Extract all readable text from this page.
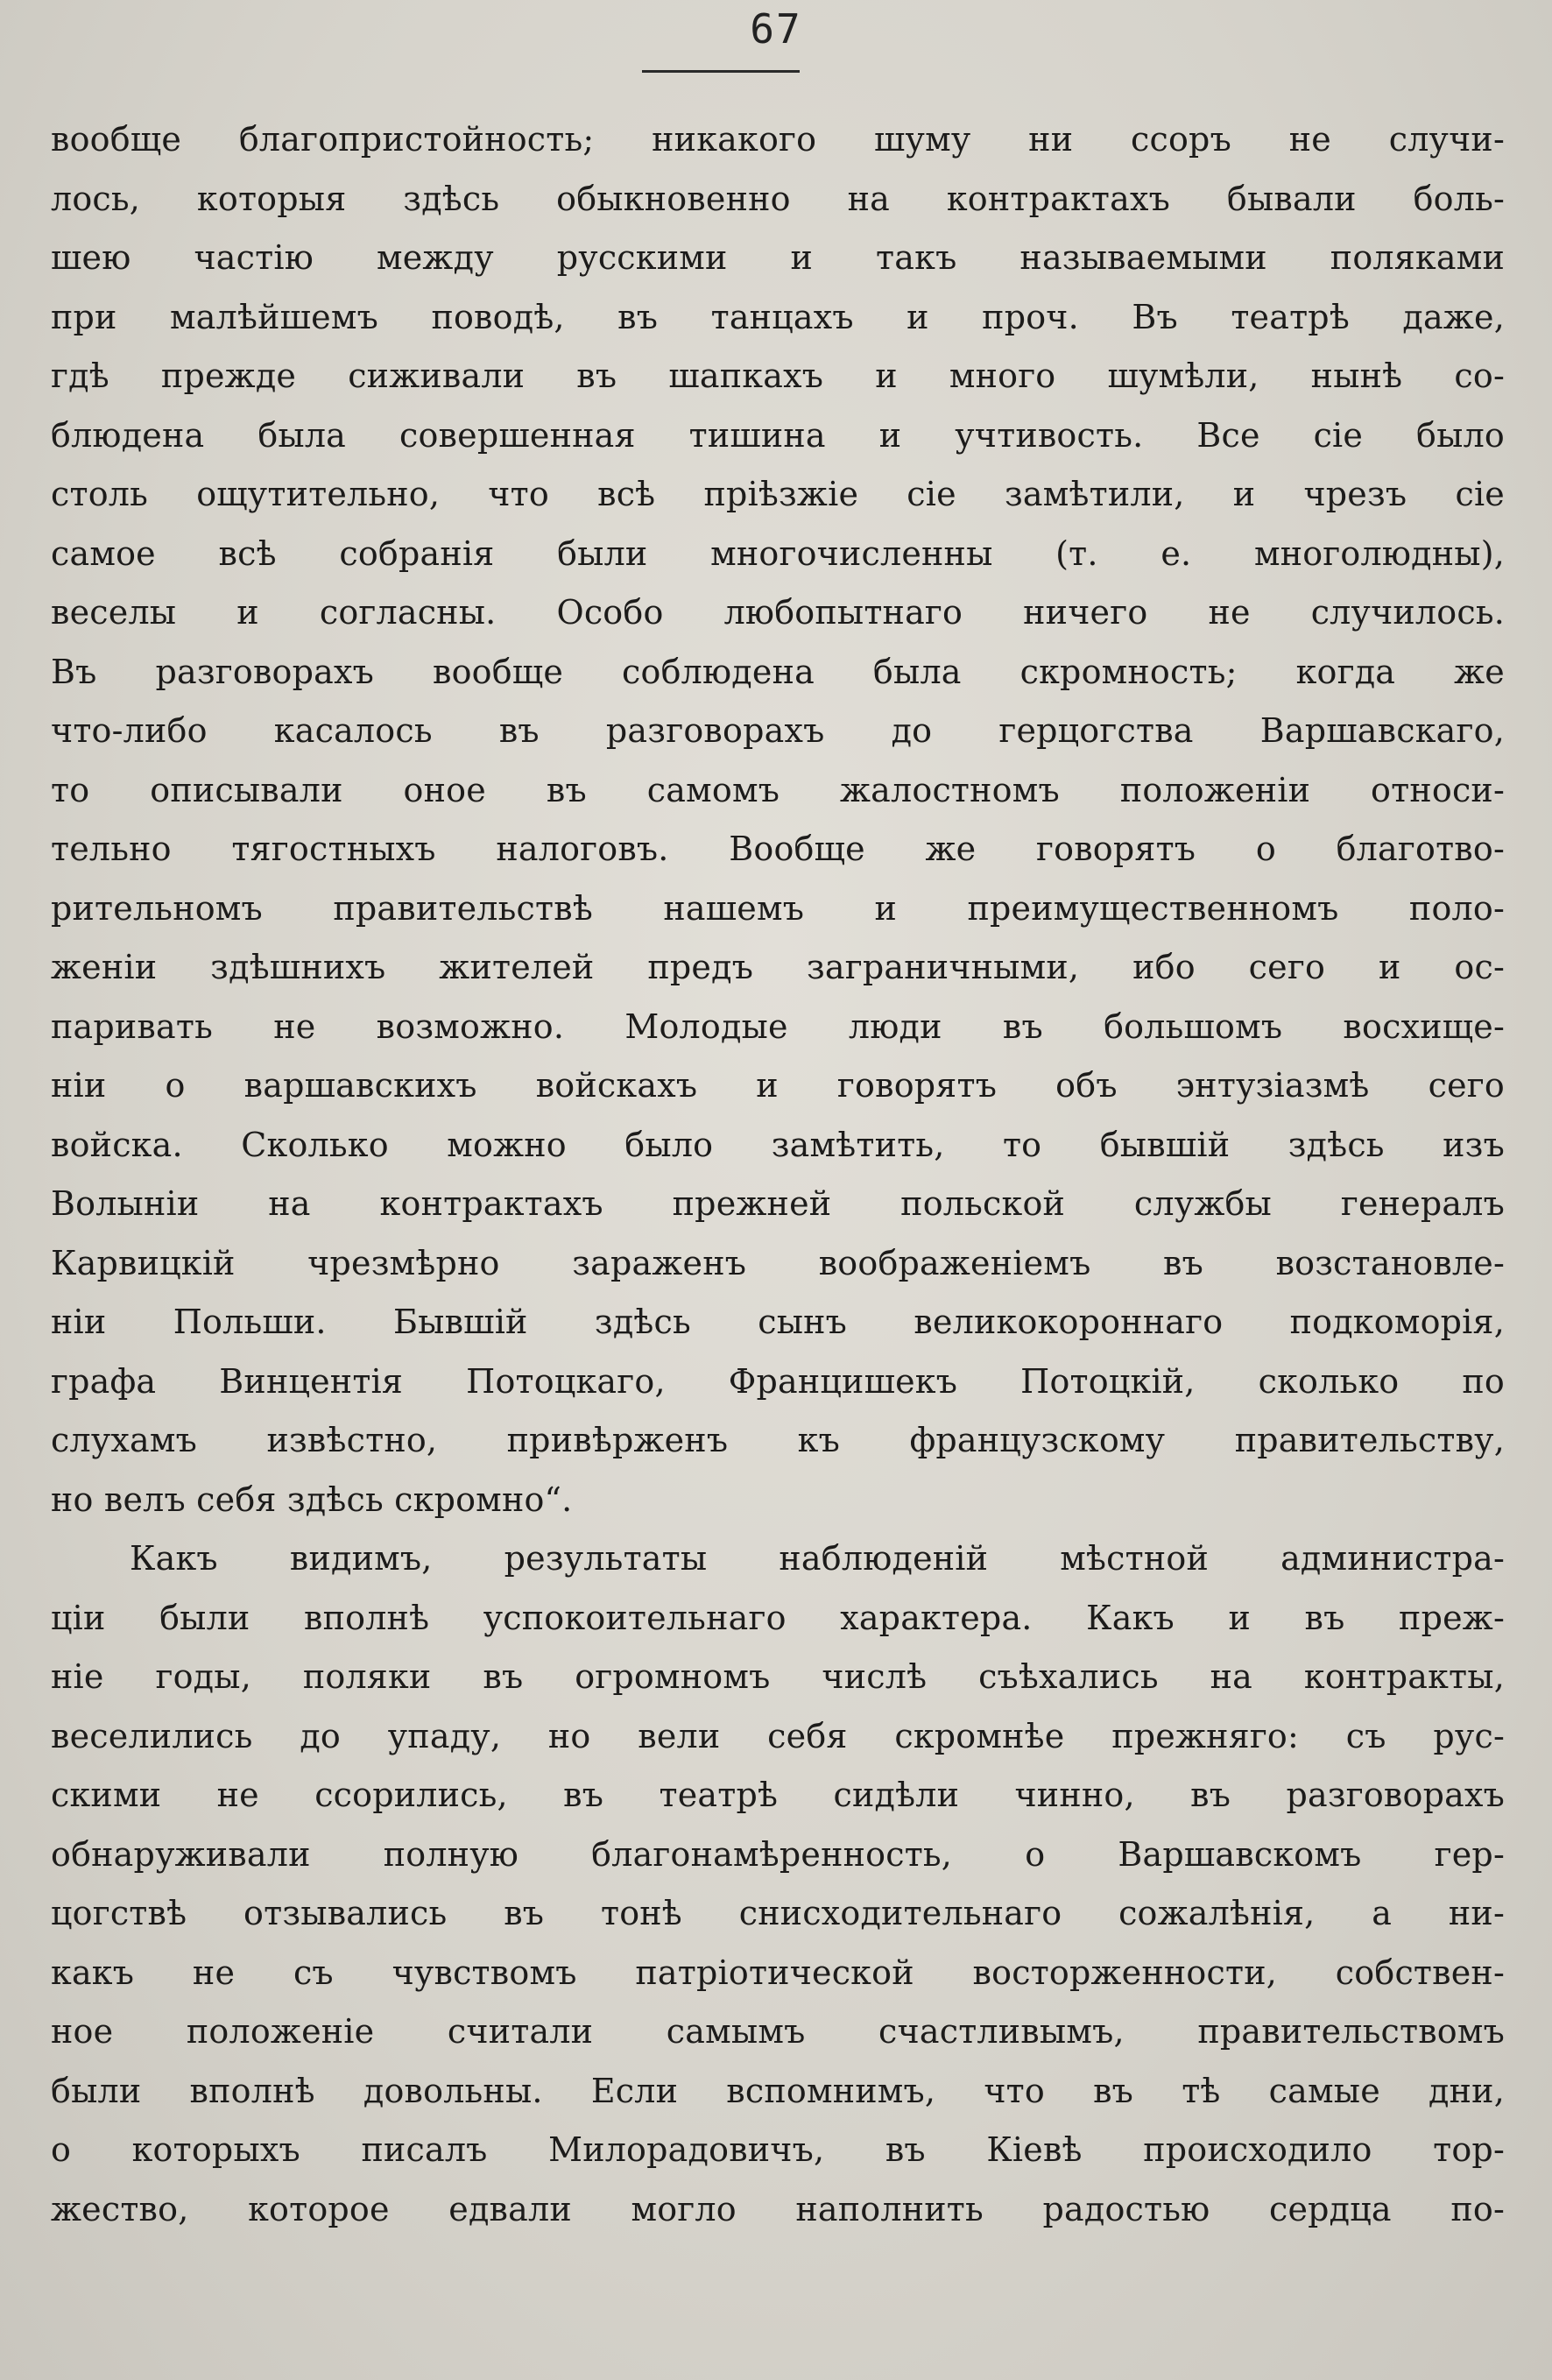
67
вообще благопристойность; никакого шуму ни ссоръ не случи-
лось, которыя здѣсь обыкновенно на контрактахъ бывали боль-
шею частію между русскими и такъ называемыми поляками
при малѣйшемъ поводѣ, въ танцахъ и проч. Въ театрѣ даже,
гдѣ прежде сиживали въ шапкахъ и много шумѣли, нынѣ со-
блюдена была совершенная тишина и учтивость. Все сіе было
столь ощутительно, что всѣ пріѣзжіе сіе замѣтили, и чрезъ сіе
самое всѣ собранія были многочисленны (т. е. многолюдны),
веселы и согласны. Особо любопытнаго ничего не случилось.
Въ разговорахъ вообще соблюдена была скромность; когда же
что-либо касалось въ разговорахъ до герцогства Варшавскаго,
то описывали оное въ самомъ жалостномъ положеніи относи-
тельно тягостныхъ налоговъ. Вообще же говорятъ о благотво-
рительномъ правительствѣ нашемъ и преимущественномъ поло-
женіи здѣшнихъ жителей предъ заграничными, ибо сего и ос-
паривать не возможно. Молодые люди въ большомъ восхище-
ніи о варшавскихъ войскахъ и говорятъ объ энтузіазмѣ сего
войска. Сколько можно было замѣтить, то бывшій здѣсь изъ
Волыніи на контрактахъ прежней польской службы генералъ
Карвицкій чрезмѣрно зараженъ воображеніемъ въ возстановле-
ніи Польши. Бывшій здѣсь сынъ великокороннаго подкоморія,
графа Винцентія Потоцкаго, Францишекъ Потоцкій, сколько по
слухамъ извѣстно, привѣрженъ къ французскому правительству,
но велъ себя здѣсь скромно“.
Какъ видимъ, результаты наблюденій мѣстной администра-
ціи были вполнѣ успокоительнаго характера. Какъ и въ преж-
ніе годы, поляки въ огромномъ числѣ съѣхались на контракты,
веселились до упаду, но вели себя скромнѣе прежняго: съ рус-
скими не ссорились, въ театрѣ сидѣли чинно, въ разговорахъ
обнаруживали полную благонамѣренность, о Варшавскомъ гер-
цогствѣ отзывались въ тонѣ снисходительнаго сожалѣнія, а ни-
какъ не съ чувствомъ патріотической восторженности, собствен-
ное положеніе считали самымъ счастливымъ, правительствомъ
были вполнѣ довольны. Если вспомнимъ, что въ тѣ самые дни,
о которыхъ писалъ Милорадовичъ, въ Кіевѣ происходило тор-
жество, которое едвали могло наполнить радостью сердца по-
